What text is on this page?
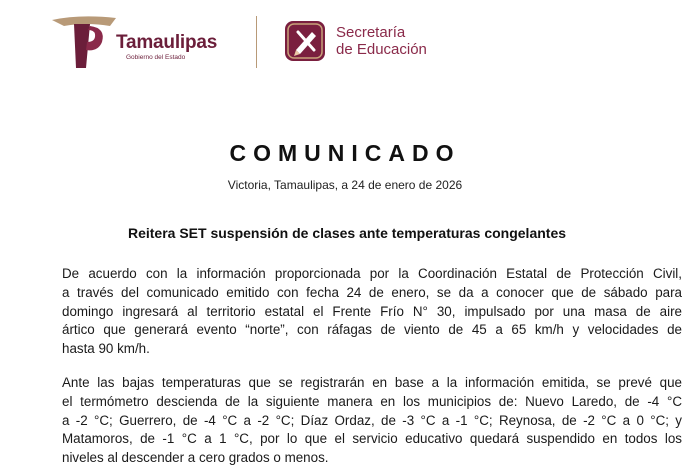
Tamaulipas
Gobierno del Estado
Secretaría
de Educación
COMUNICADO
Victoria, Tamaulipas, a 24 de enero de 2026
Reitera SET suspensión de clases ante temperaturas congelantes
De acuerdo con la información proporcionada por la Coordinación Estatal de Protección Civil,
a través del comunicado emitido con fecha 24 de enero, se da a conocer que de sábado para
domingo ingresará al territorio estatal el Frente Frío N° 30, impulsado por una masa de aire
ártico que generará evento “norte”, con ráfagas de viento de 45 a 65 km/h y velocidades de
hasta 90 km/h.
Ante las bajas temperaturas que se registrarán en base a la información emitida, se prevé que
el termómetro descienda de la siguiente manera en los municipios de: Nuevo Laredo, de -4 °C
a -2 °C; Guerrero, de -4 °C a -2 °C; Díaz Ordaz, de -3 °C a -1 °C; Reynosa, de -2 °C a 0 °C; y
Matamoros, de -1 °C a 1 °C, por lo que el servicio educativo quedará suspendido en todos los
niveles al descender a cero grados o menos.
